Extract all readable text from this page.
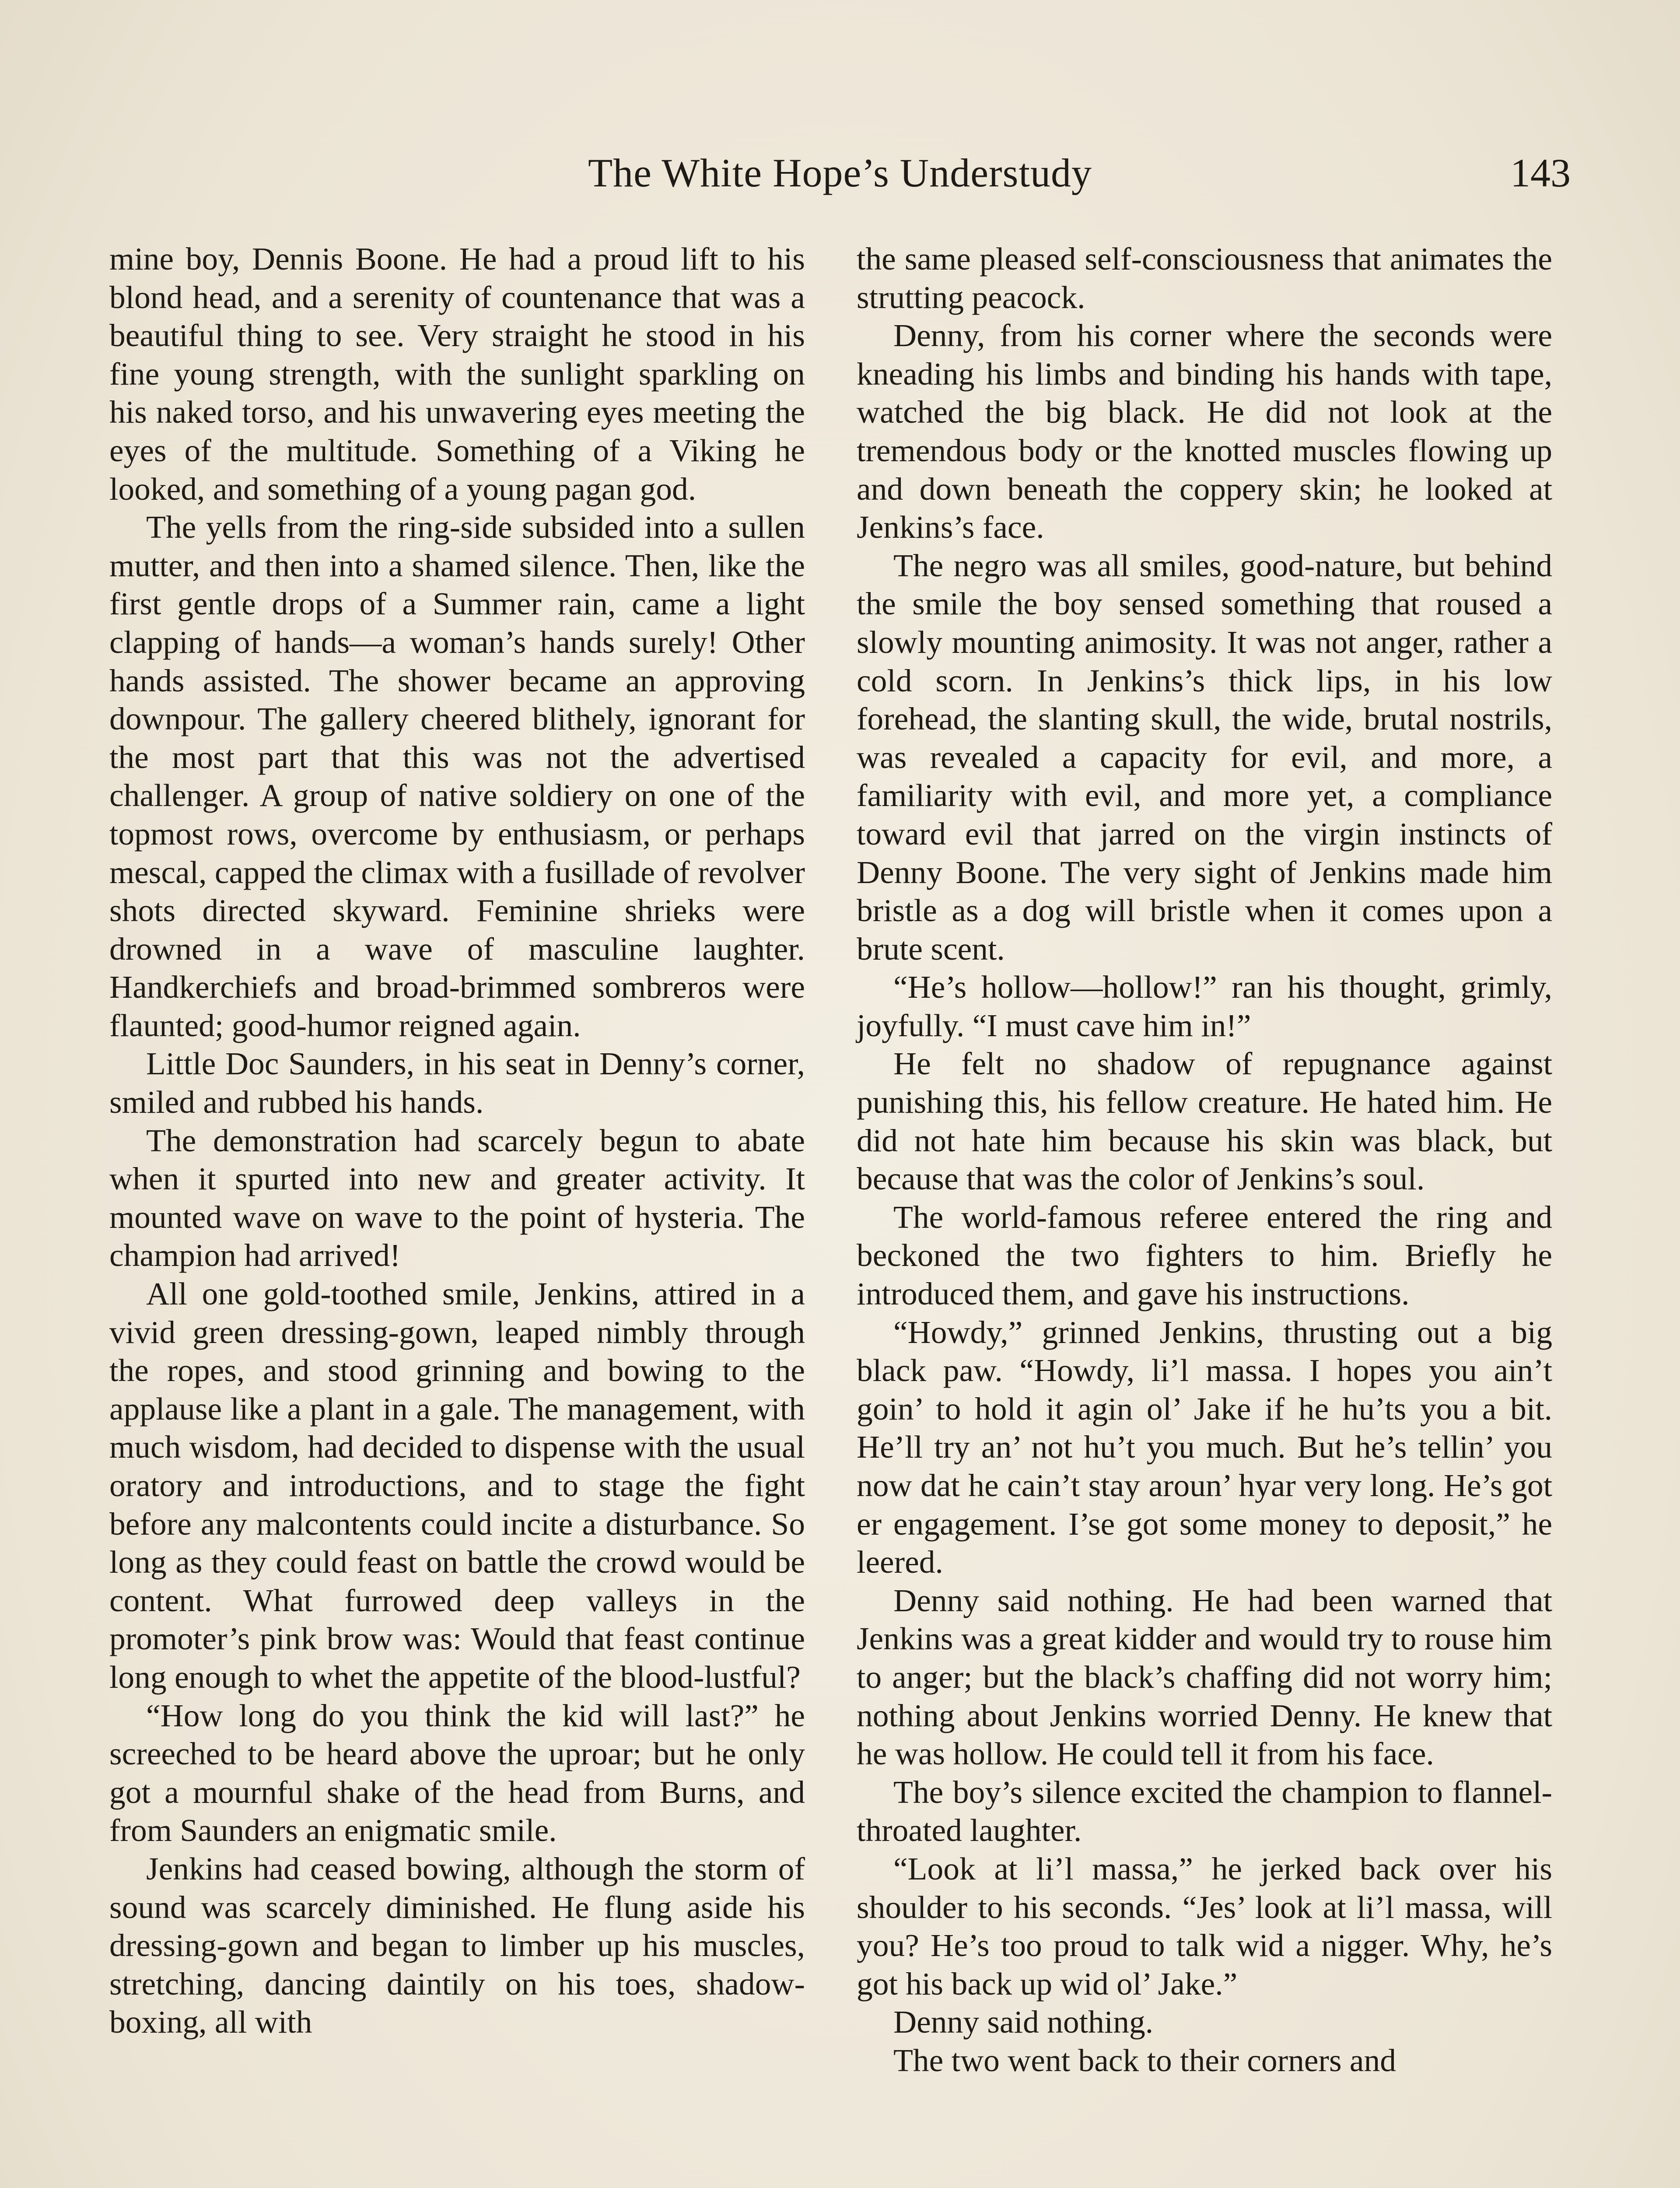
The White Hope’s Understudy	143

mine boy, Dennis Boone. He had a proud lift to his blond head, and a serenity of countenance that was a beautiful thing to see. Very straight he stood in his fine young strength, with the sunlight sparkling on his naked torso, and his unwavering eyes meeting the eyes of the multitude. Something of a Viking he looked, and something of a young pagan god.

The yells from the ring-side subsided into a sullen mutter, and then into a shamed silence. Then, like the first gentle drops of a Summer rain, came a light clapping of hands—a woman’s hands surely! Other hands assisted. The shower became an approving downpour. The gallery cheered blithely, ignorant for the most part that this was not the advertised challenger. A group of native soldiery on one of the topmost rows, overcome by enthusiasm, or perhaps mescal, capped the climax with a fusillade of revolver shots directed skyward. Feminine shrieks were drowned in a wave of masculine laughter. Handkerchiefs and broad-brimmed sombreros were flaunted; good-humor reigned again.

Little Doc Saunders, in his seat in Denny’s corner, smiled and rubbed his hands.

The demonstration had scarcely begun to abate when it spurted into new and greater activity. It mounted wave on wave to the point of hysteria. The champion had arrived!

All one gold-toothed smile, Jenkins, attired in a vivid green dressing-gown, leaped nimbly through the ropes, and stood grinning and bowing to the applause like a plant in a gale. The management, with much wisdom, had decided to dispense with the usual oratory and introductions, and to stage the fight before any malcontents could incite a disturbance. So long as they could feast on battle the crowd would be content. What furrowed deep valleys in the promoter’s pink brow was: Would that feast continue long enough to whet the appetite of the blood-lustful?

“How long do you think the kid will last?” he screeched to be heard above the uproar; but he only got a mournful shake of the head from Burns, and from Saunders an enigmatic smile.

Jenkins had ceased bowing, although the storm of sound was scarcely diminished. He flung aside his dressing-gown and began to limber up his muscles, stretching, dancing daintily on his toes, shadow-boxing, all with

the same pleased self-consciousness that animates the strutting peacock.

Denny, from his corner where the seconds were kneading his limbs and binding his hands with tape, watched the big black. He did not look at the tremendous body or the knotted muscles flowing up and down beneath the coppery skin; he looked at Jenkins’s face.

The negro was all smiles, good-nature, but behind the smile the boy sensed something that roused a slowly mounting animosity. It was not anger, rather a cold scorn. In Jenkins’s thick lips, in his low forehead, the slanting skull, the wide, brutal nostrils, was revealed a capacity for evil, and more, a familiarity with evil, and more yet, a compliance toward evil that jarred on the virgin instincts of Denny Boone. The very sight of Jenkins made him bristle as a dog will bristle when it comes upon a brute scent.

“He’s hollow—hollow!” ran his thought, grimly, joyfully. “I must cave him in!”

He felt no shadow of repugnance against punishing this, his fellow creature. He hated him. He did not hate him because his skin was black, but because that was the color of Jenkins’s soul.

The world-famous referee entered the ring and beckoned the two fighters to him. Briefly he introduced them, and gave his instructions.

“Howdy,” grinned Jenkins, thrusting out a big black paw. “Howdy, li’l massa. I hopes you ain’t goin’ to hold it agin ol’ Jake if he hu’ts you a bit. He’ll try an’ not hu’t you much. But he’s tellin’ you now dat he cain’t stay aroun’ hyar very long. He’s got er engagement. I’se got some money to deposit,” he leered.

Denny said nothing. He had been warned that Jenkins was a great kidder and would try to rouse him to anger; but the black’s chaffing did not worry him; nothing about Jenkins worried Denny. He knew that he was hollow. He could tell it from his face.

The boy’s silence excited the champion to flannel-throated laughter.

“Look at li’l massa,” he jerked back over his shoulder to his seconds. “Jes’ look at li’l massa, will you? He’s too proud to talk wid a nigger. Why, he’s got his back up wid ol’ Jake.”

Denny said nothing.

The two went back to their corners and
